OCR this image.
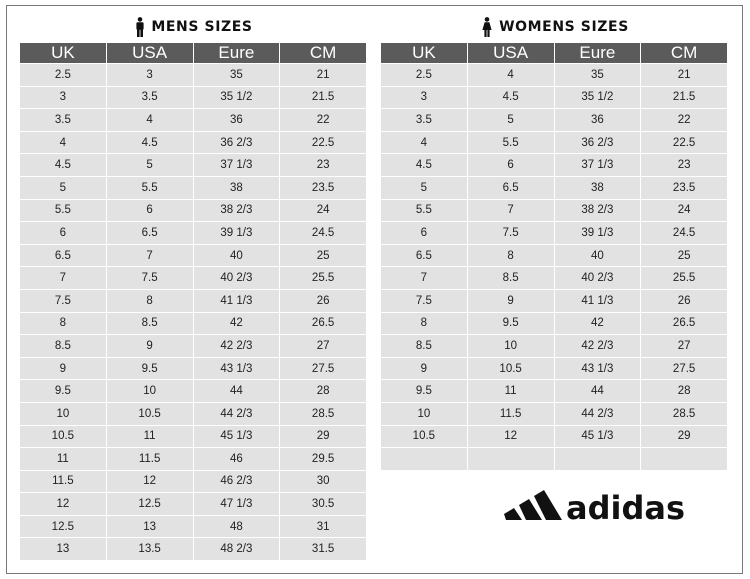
MENS SIZES
UK	USA	Eure	CM
2.5	3	35	21
3	3.5	35 1/2	21.5
3.5	4	36	22
4	4.5	36 2/3	22.5
4.5	5	37 1/3	23
5	5.5	38	23.5
5.5	6	38 2/3	24
6	6.5	39 1/3	24.5
6.5	7	40	25
7	7.5	40 2/3	25.5
7.5	8	41 1/3	26
8	8.5	42	26.5
8.5	9	42 2/3	27
9	9.5	43 1/3	27.5
9.5	10	44	28
10	10.5	44 2/3	28.5
10.5	11	45 1/3	29
11	11.5	46	29.5
11.5	12	46 2/3	30
12	12.5	47 1/3	30.5
12.5	13	48	31
13	13.5	48 2/3	31.5
WOMENS SIZES
UK	USA	Eure	CM
2.5	4	35	21
3	4.5	35 1/2	21.5
3.5	5	36	22
4	5.5	36 2/3	22.5
4.5	6	37 1/3	23
5	6.5	38	23.5
5.5	7	38 2/3	24
6	7.5	39 1/3	24.5
6.5	8	40	25
7	8.5	40 2/3	25.5
7.5	9	41 1/3	26
8	9.5	42	26.5
8.5	10	42 2/3	27
9	10.5	43 1/3	27.5
9.5	11	44	28
10	11.5	44 2/3	28.5
10.5	12	45 1/3	29

adidas
